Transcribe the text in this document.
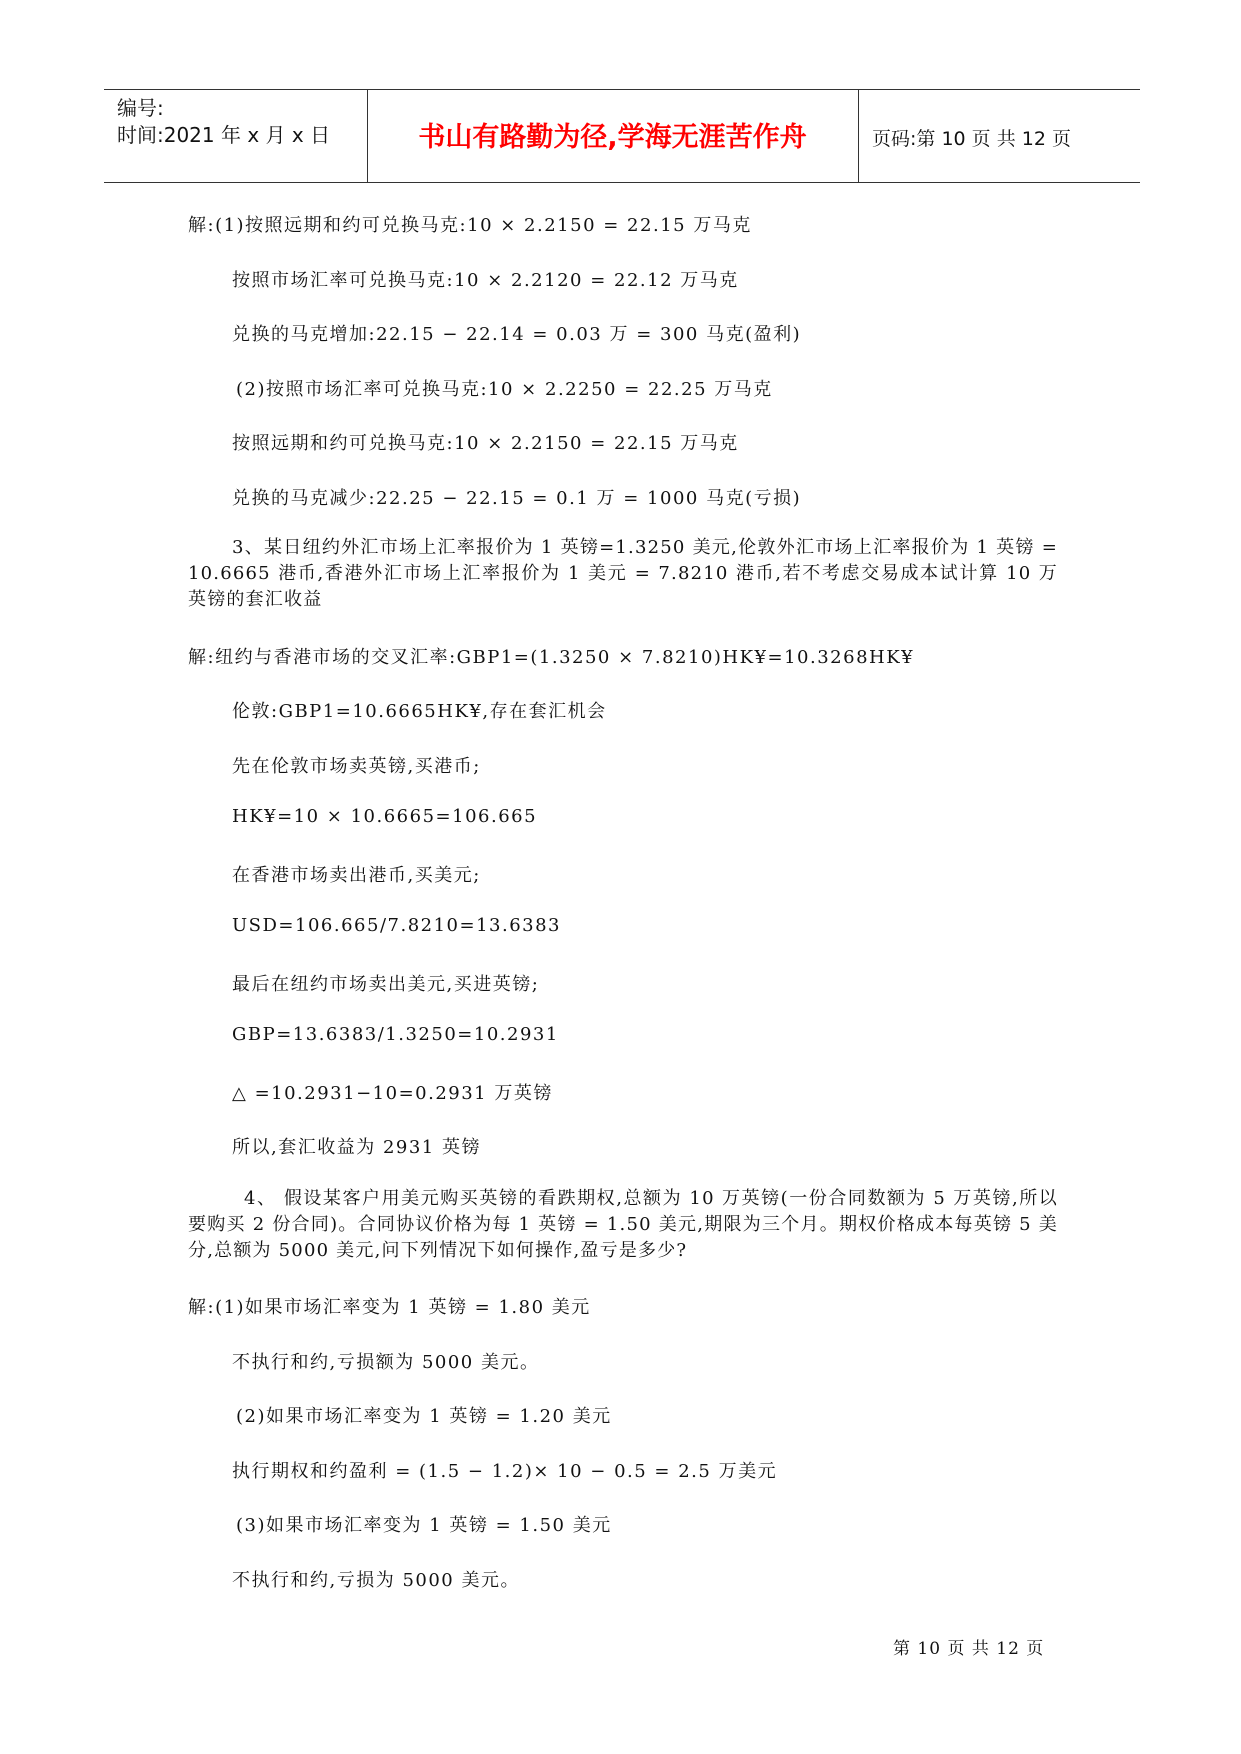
编号:
时间:2021 年 x 月 x 日	书山有路勤为径,学海无涯苦作舟	页码:第 10 页 共 12 页
解:(1)按照远期和约可兑换马克:10 × 2.2150 = 22.15 万马克
按照市场汇率可兑换马克:10 × 2.2120 = 22.12 万马克
兑换的马克增加:22.15 − 22.14 = 0.03 万 = 300 马克(盈利)
(2)按照市场汇率可兑换马克:10 × 2.2250 = 22.25 万马克
按照远期和约可兑换马克:10 × 2.2150 = 22.15 万马克
兑换的马克减少:22.25 − 22.15 = 0.1 万 = 1000 马克(亏损)
3、某日纽约外汇市场上汇率报价为 1 英镑=1.3250 美元,伦敦外汇市场上汇率报价为 1 英镑 = 10.6665 港币,香港外汇市场上汇率报价为 1 美元 = 7.8210 港币,若不考虑交易成本试计算 10 万英镑的套汇收益
解:纽约与香港市场的交叉汇率:GBP1=(1.3250 × 7.8210)HK¥=10.3268HK¥
伦敦:GBP1=10.6665HK¥,存在套汇机会
先在伦敦市场卖英镑,买港币;
HK¥=10 × 10.6665=106.665
在香港市场卖出港币,买美元;
USD=106.665/7.8210=13.6383
最后在纽约市场卖出美元,买进英镑;
GBP=13.6383/1.3250=10.2931
△ =10.2931−10=0.2931 万英镑
所以,套汇收益为 2931 英镑
4、 假设某客户用美元购买英镑的看跌期权,总额为 10 万英镑(一份合同数额为 5 万英镑,所以要购买 2 份合同)。合同协议价格为每 1 英镑 = 1.50 美元,期限为三个月。期权价格成本每英镑 5 美分,总额为 5000 美元,问下列情况下如何操作,盈亏是多少?
解:(1)如果市场汇率变为 1 英镑 = 1.80 美元
不执行和约,亏损额为 5000 美元。
(2)如果市场汇率变为 1 英镑 = 1.20 美元
执行期权和约盈利 = (1.5 − 1.2)× 10 − 0.5 = 2.5 万美元
(3)如果市场汇率变为 1 英镑 = 1.50 美元
不执行和约,亏损为 5000 美元。
第 10 页 共 12 页
